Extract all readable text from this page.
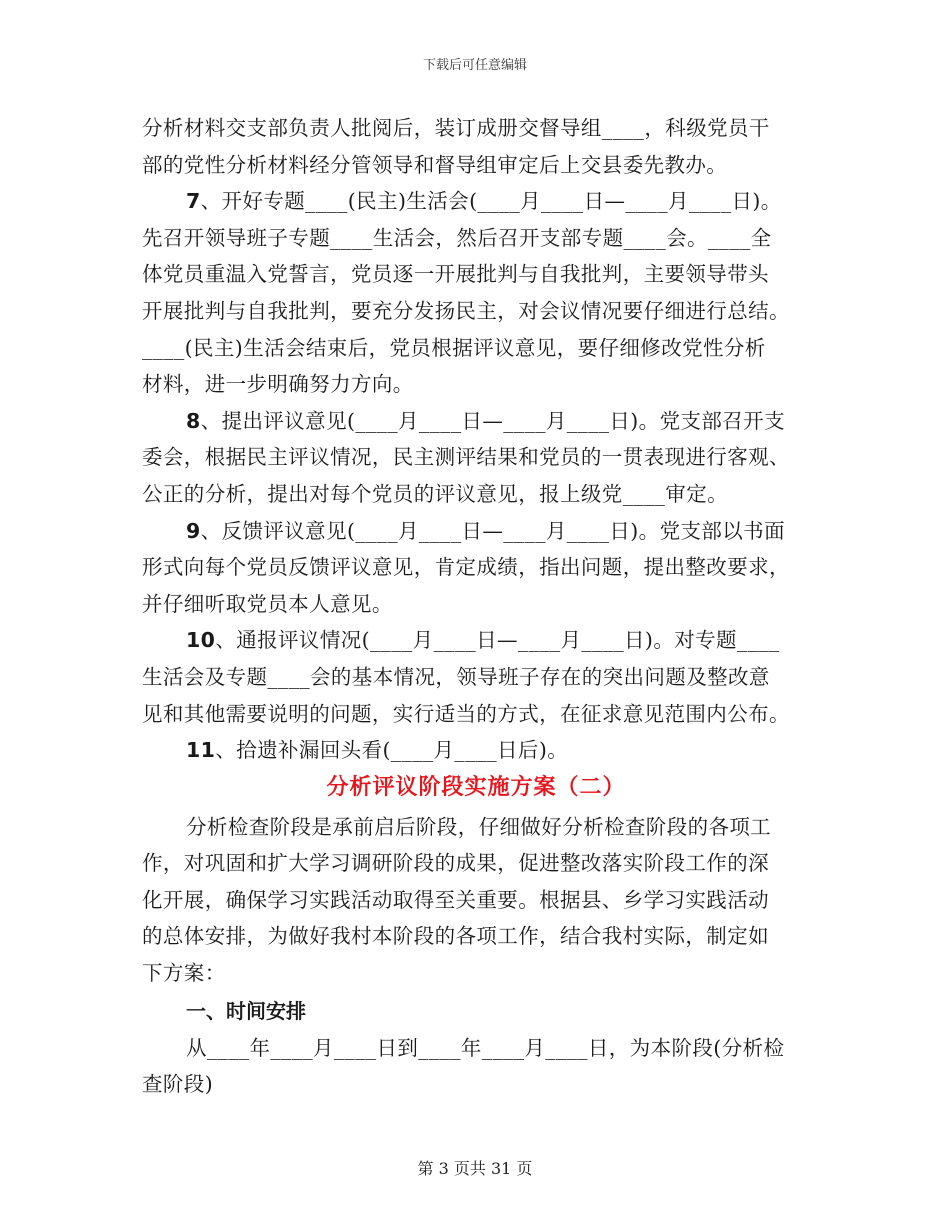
下载后可任意编辑
分析材料交支部负责人批阅后，装订成册交督导组____，科级党员干
部的党性分析材料经分管领导和督导组审定后上交县委先教办。
7、开好专题____(民主)生活会(____月____日—____月____日)。
先召开领导班子专题____生活会，然后召开支部专题____会。____全
体党员重温入党誓言，党员逐一开展批判与自我批判，主要领导带头
开展批判与自我批判，要充分发扬民主，对会议情况要仔细进行总结。
____(民主)生活会结束后，党员根据评议意见，要仔细修改党性分析
材料，进一步明确努力方向。
8、提出评议意见(____月____日—____月____日)。党支部召开支
委会，根据民主评议情况，民主测评结果和党员的一贯表现进行客观、
公正的分析，提出对每个党员的评议意见，报上级党____审定。
9、反馈评议意见(____月____日—____月____日)。党支部以书面
形式向每个党员反馈评议意见，肯定成绩，指出问题，提出整改要求，
并仔细听取党员本人意见。
10、通报评议情况(____月____日—____月____日)。对专题____
生活会及专题____会的基本情况，领导班子存在的突出问题及整改意
见和其他需要说明的问题，实行适当的方式，在征求意见范围内公布。
11、拾遗补漏回头看(____月____日后)。
分析评议阶段实施方案（二）
分析检查阶段是承前启后阶段，仔细做好分析检查阶段的各项工
作，对巩固和扩大学习调研阶段的成果，促进整改落实阶段工作的深
化开展，确保学习实践活动取得至关重要。根据县、乡学习实践活动
的总体安排，为做好我村本阶段的各项工作，结合我村实际，制定如
下方案：
一、时间安排
从____年____月____日到____年____月____日，为本阶段(分析检
查阶段)
第 3 页共 31 页
